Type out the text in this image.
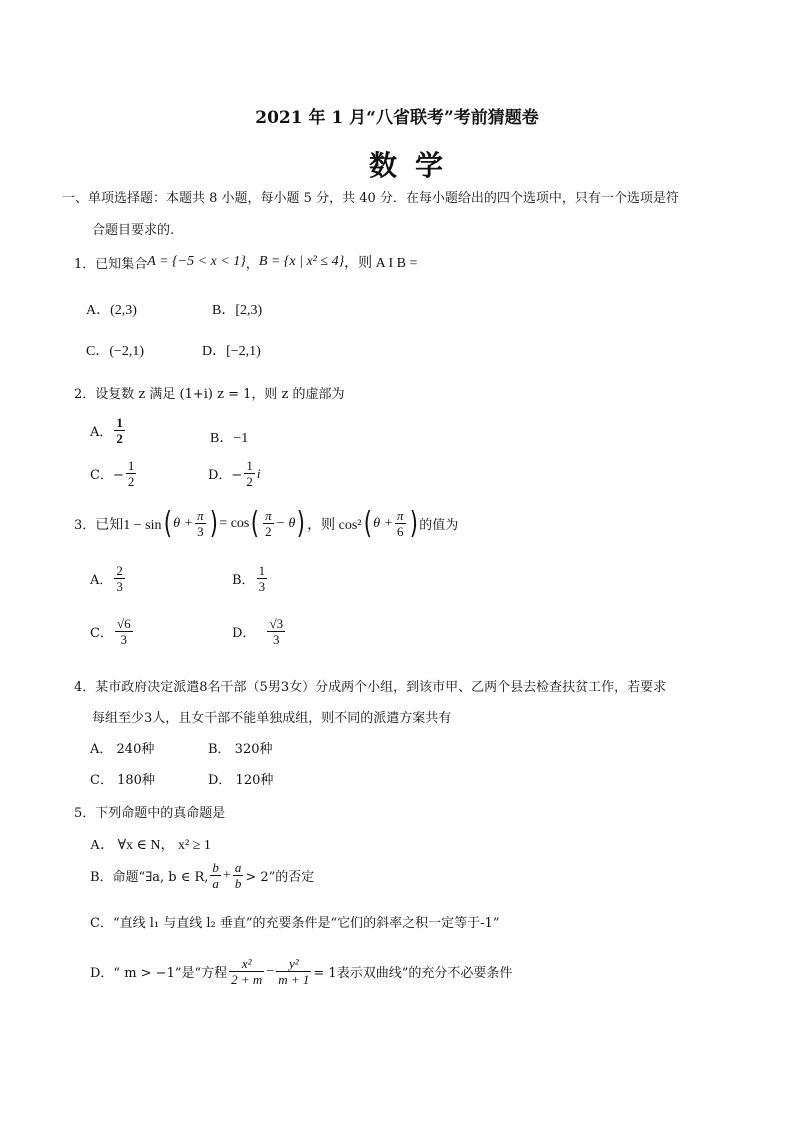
2021 年 1 月“八省联考”考前猜题卷
数学
一、单项选择题：本题共 8 小题，每小题 5 分，共 40 分．在每小题给出的四个选项中，只有一个选项是符
合题目要求的.
1． 已知集合 A = {−5 < x < 1} ， B = {x | x² ≤ 4} ，则 A I B =
A．(2,3)	B．[2,3)
C．(−2,1)	D．[−2,1)
2． 设复数 z 满足 (1+i) z = 1，则 z 的虚部为
A． $\frac{1}{2}$	B．−1
C．− $\frac{1}{2}$	D．− $\frac{1}{2}$ i
3． 已知1 − sin ( $\theta + \frac{\pi}{3}$ ) = cos ( $\frac{\pi}{2} - \theta$ ) ，则 cos² ( $\theta + \frac{\pi}{6}$ ) 的值为
A． $\frac{2}{3}$	B． $\frac{1}{3}$
C． $\frac{√6}{3}$	D． $\frac{√3}{3}$
4．某市政府决定派遣8名干部（5男3女）分成两个小组，到该市甲、乙两个县去检查扶贫工作，若要求
每组至少3人，且女干部不能单独成组，则不同的派遣方案共有
A． 240种	B． 320种
C． 180种	D． 120种
5．下列命题中的真命题是
A． ∀x ∈ N， x² ≥ 1
B．命题“∃a, b ∈ R, $\frac{b}{a} + \frac{a}{b} > 2$”的否定
C．“直线 l₁ 与直线 l₂ 垂直”的充要条件是“它们的斜率之积一定等于-1”
D．“ m > −1”是“方程 $\frac{\text{x²}}{2 + m} - \frac{\text{y²}}{m + 1} = 1$表示双曲线”的充分不必要条件
